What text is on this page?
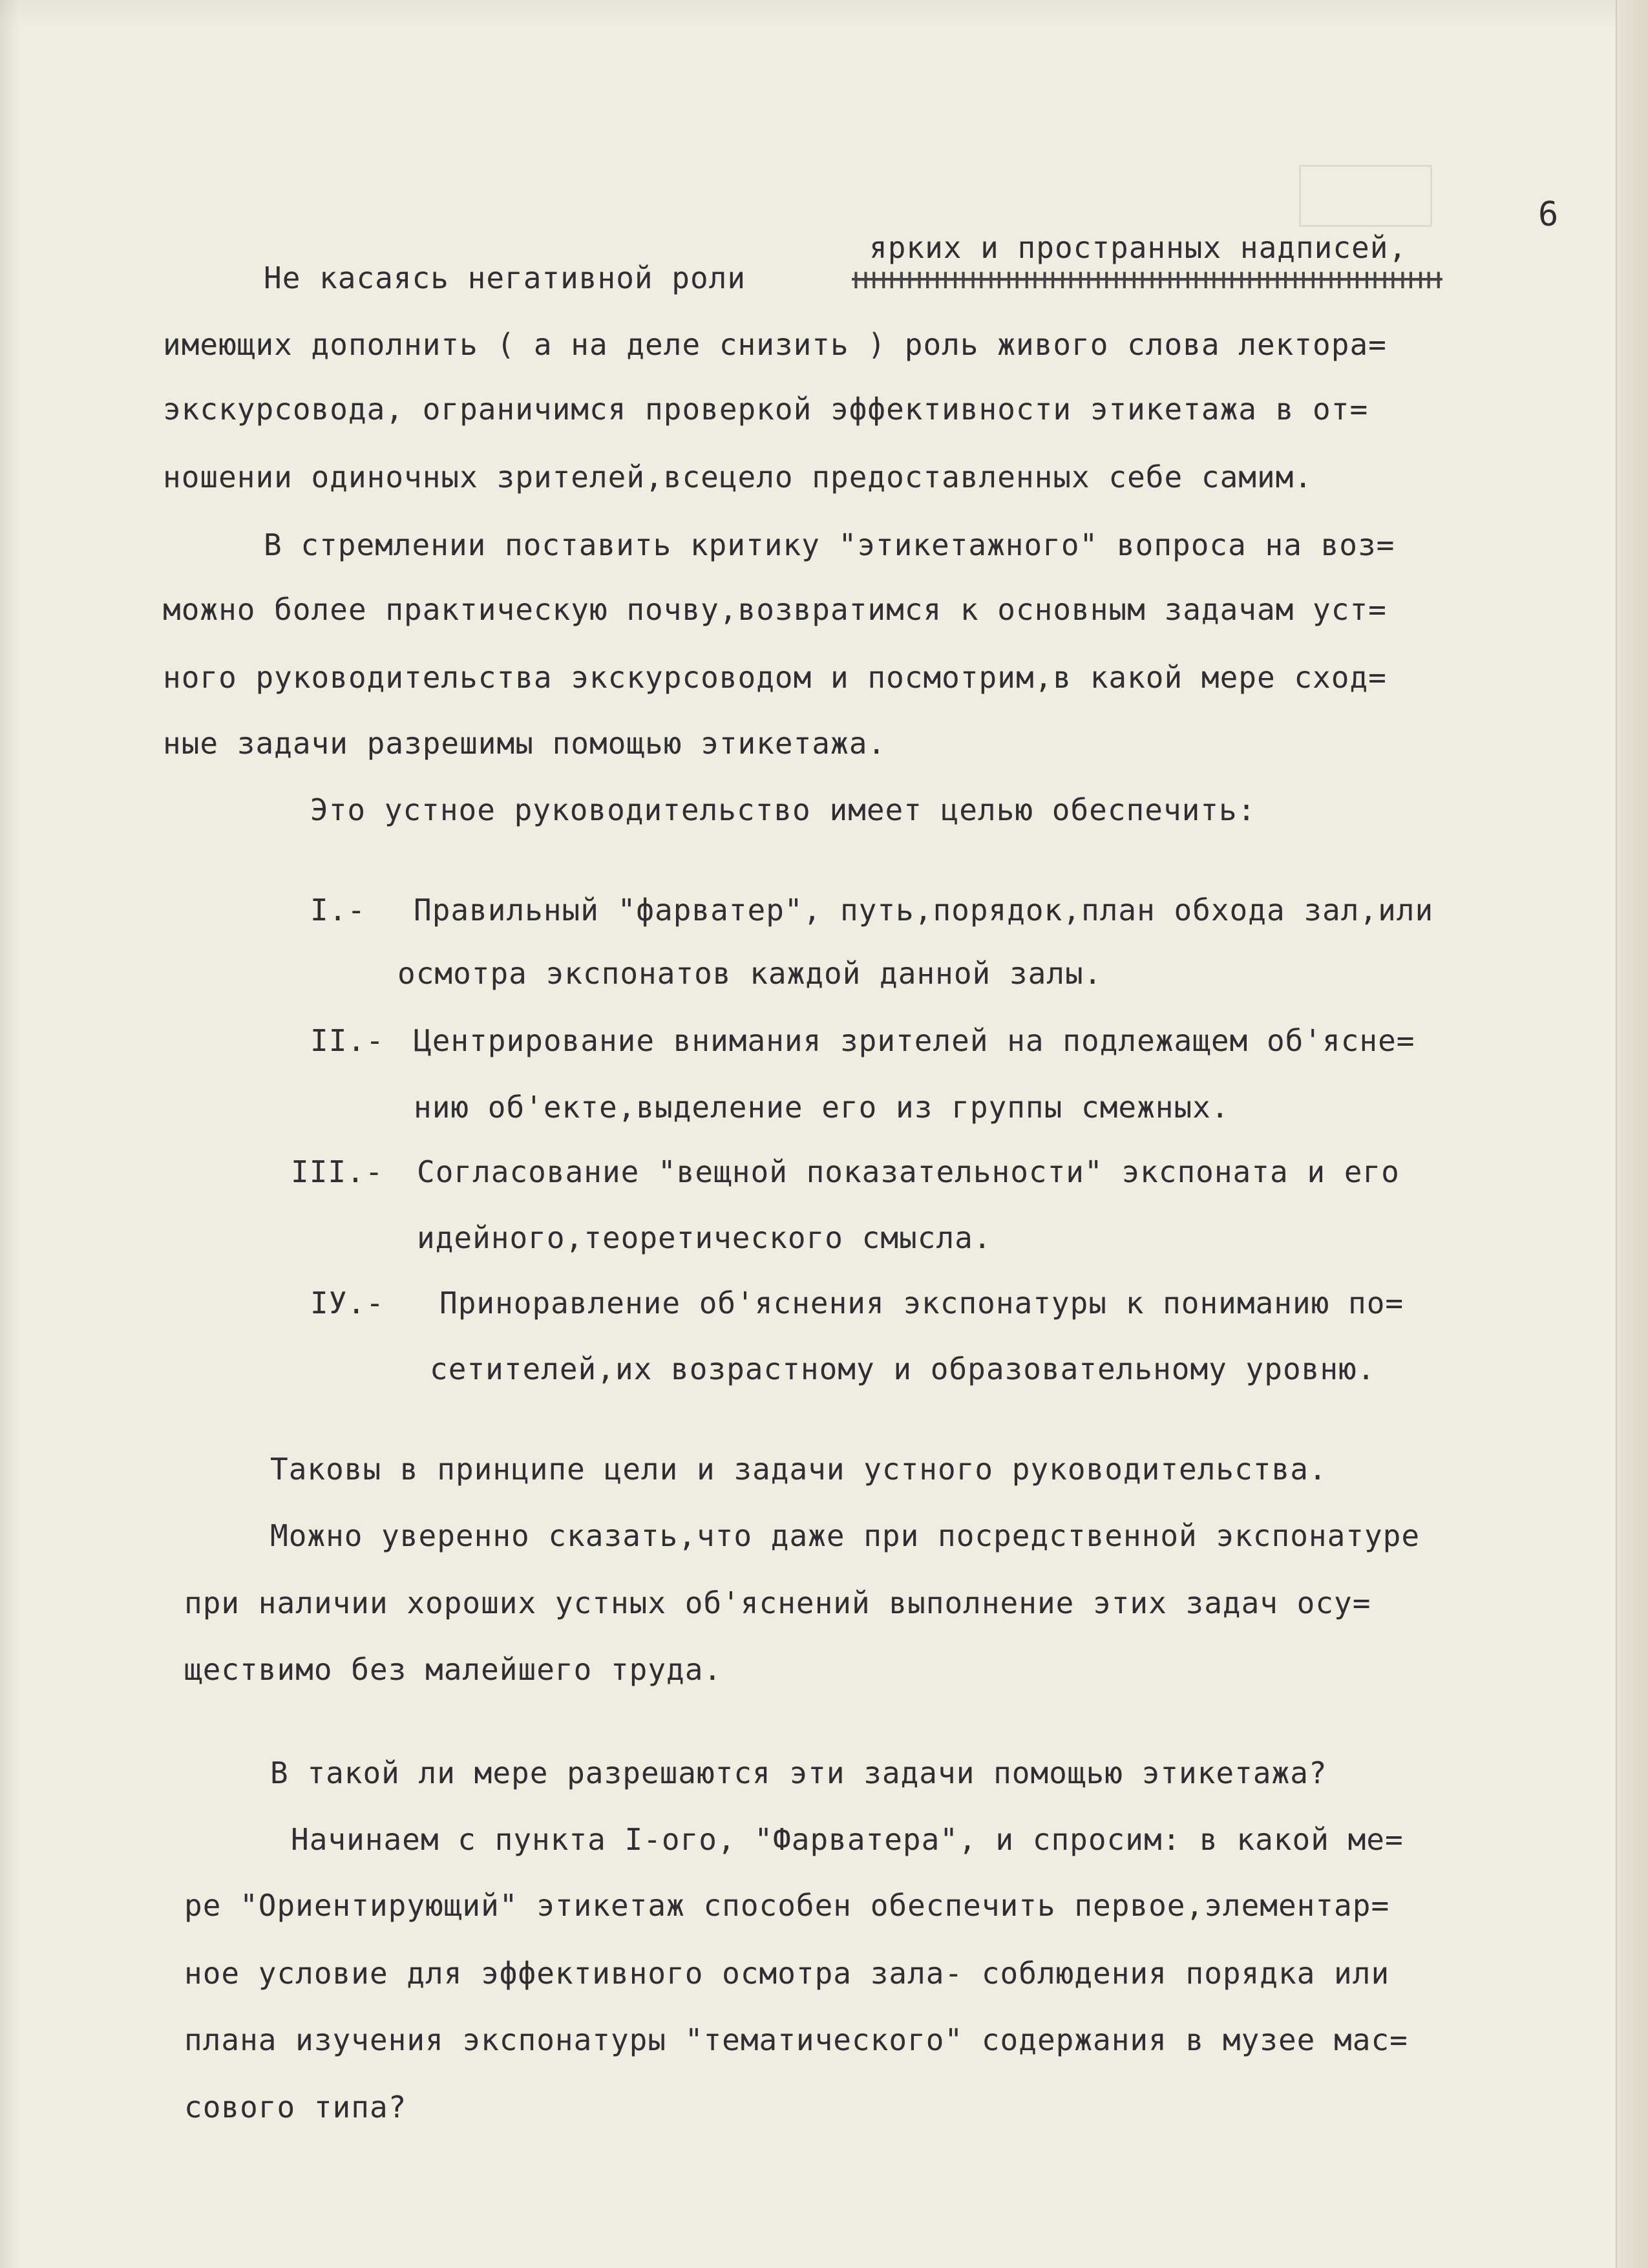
6
ярких и пространных надписей,
Не касаясь негативной роли	ннннннннннннннннннннннннннннннннн
имеющих дополнить ( а на деле снизить ) роль живого слова лектора=
экскурсовода, ограничимся проверкой эффективности этикетажа в от=
ношении одиночных зрителей,всецело предоставленных себе самим.
В стремлении поставить критику "этикетажного" вопроса на воз=
можно более практическую почву,возвратимся к основным задачам уст=
ного руководительства экскурсоводом и посмотрим,в какой мере сход=
ные задачи разрешимы помощью этикетажа.
Это устное руководительство имеет целью обеспечить:
I.- Правильный "фарватер", путь,порядок,план обхода зал,или
осмотра экспонатов каждой данной залы.
II.- Центрирование внимания зрителей на подлежащем об'ясне=
нию об'екте,выделение его из группы смежных.
III.- Согласование "вещной показательности" экспоната и его
идейного,теоретического смысла.
IУ.- Приноравление об'яснения экспонатуры к пониманию по=
сетителей,их возрастному и образовательному уровню.
Таковы в принципе цели и задачи устного руководительства.
Можно уверенно сказать,что даже при посредственной экспонатуре
при наличии хороших устных об'яснений выполнение этих задач осу=
ществимо без малейшего труда.
В такой ли мере разрешаются эти задачи помощью этикетажа?
Начинаем с пункта I-ого, "Фарватера", и спросим: в какой ме=
ре "Ориентирующий" этикетаж способен обеспечить первое,элементар=
ное условие для эффективного осмотра зала- соблюдения порядка или
плана изучения экспонатуры "тематического" содержания в музее мас=
сового типа?
